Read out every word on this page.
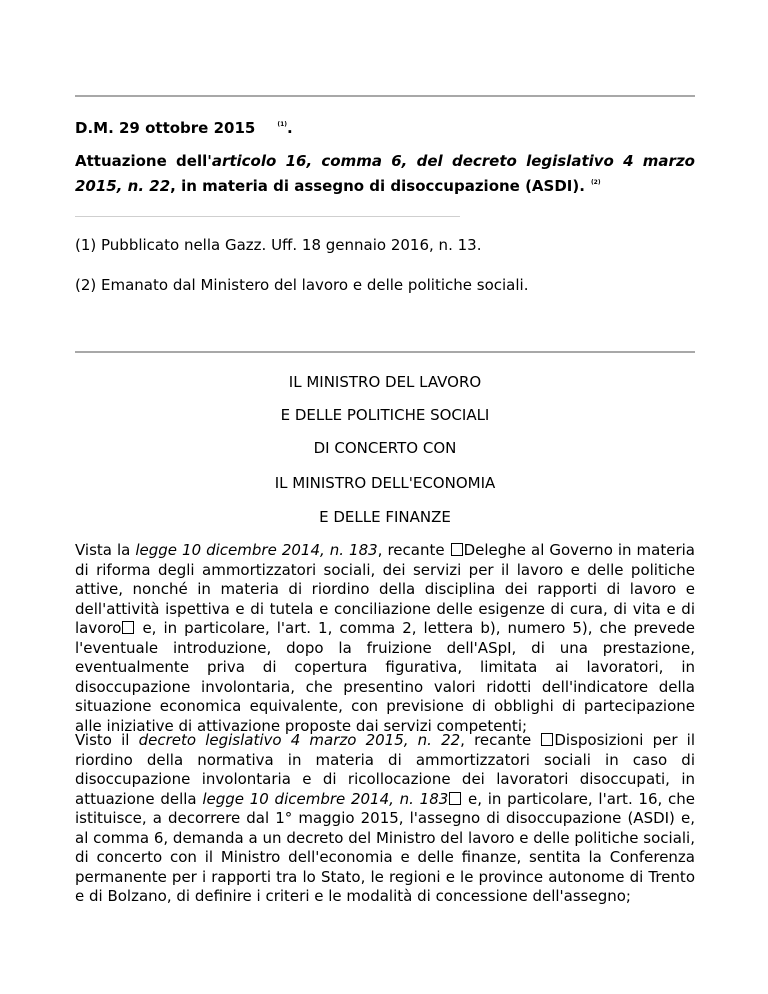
D.M. 29 ottobre 2015	$^{(1)}$.
Attuazione dell'articolo 16, comma 6, del decreto legislativo 4 marzo 2015, n. 22, in materia di assegno di disoccupazione (ASDI). $^{(2)}$
(1) Pubblicato nella Gazz. Uff. 18 gennaio 2016, n. 13.
(2) Emanato dal Ministero del lavoro e delle politiche sociali.
IL MINISTRO DEL LAVORO
E DELLE POLITICHE SOCIALI
DI CONCERTO CON
IL MINISTRO DELL'ECONOMIA
E DELLE FINANZE
Vista la legge 10 dicembre 2014, n. 183, recante Deleghe al Governo in materia di riforma degli ammortizzatori sociali, dei servizi per il lavoro e delle politiche attive, nonché in materia di riordino della disciplina dei rapporti di lavoro e dell'attività ispettiva e di tutela e conciliazione delle esigenze di cura, di vita e di lavoro e, in particolare, l'art. 1, comma 2, lettera b), numero 5), che prevede l'eventuale introduzione, dopo la fruizione dell'ASpI, di una prestazione, eventualmente priva di copertura figurativa, limitata ai lavoratori, in disoccupazione involontaria, che presentino valori ridotti dell'indicatore della situazione economica equivalente, con previsione di obblighi di partecipazione alle iniziative di attivazione proposte dai servizi competenti;
Visto il decreto legislativo 4 marzo 2015, n. 22, recante Disposizioni per il riordino della normativa in materia di ammortizzatori sociali in caso di disoccupazione involontaria e di ricollocazione dei lavoratori disoccupati, in attuazione della legge 10 dicembre 2014, n. 183 e, in particolare, l'art. 16, che istituisce, a decorrere dal 1° maggio 2015, l'assegno di disoccupazione (ASDI) e, al comma 6, demanda a un decreto del Ministro del lavoro e delle politiche sociali, di concerto con il Ministro dell'economia e delle finanze, sentita la Conferenza permanente per i rapporti tra lo Stato, le regioni e le province autonome di Trento e di Bolzano, di definire i criteri e le modalità di concessione dell'assegno;
